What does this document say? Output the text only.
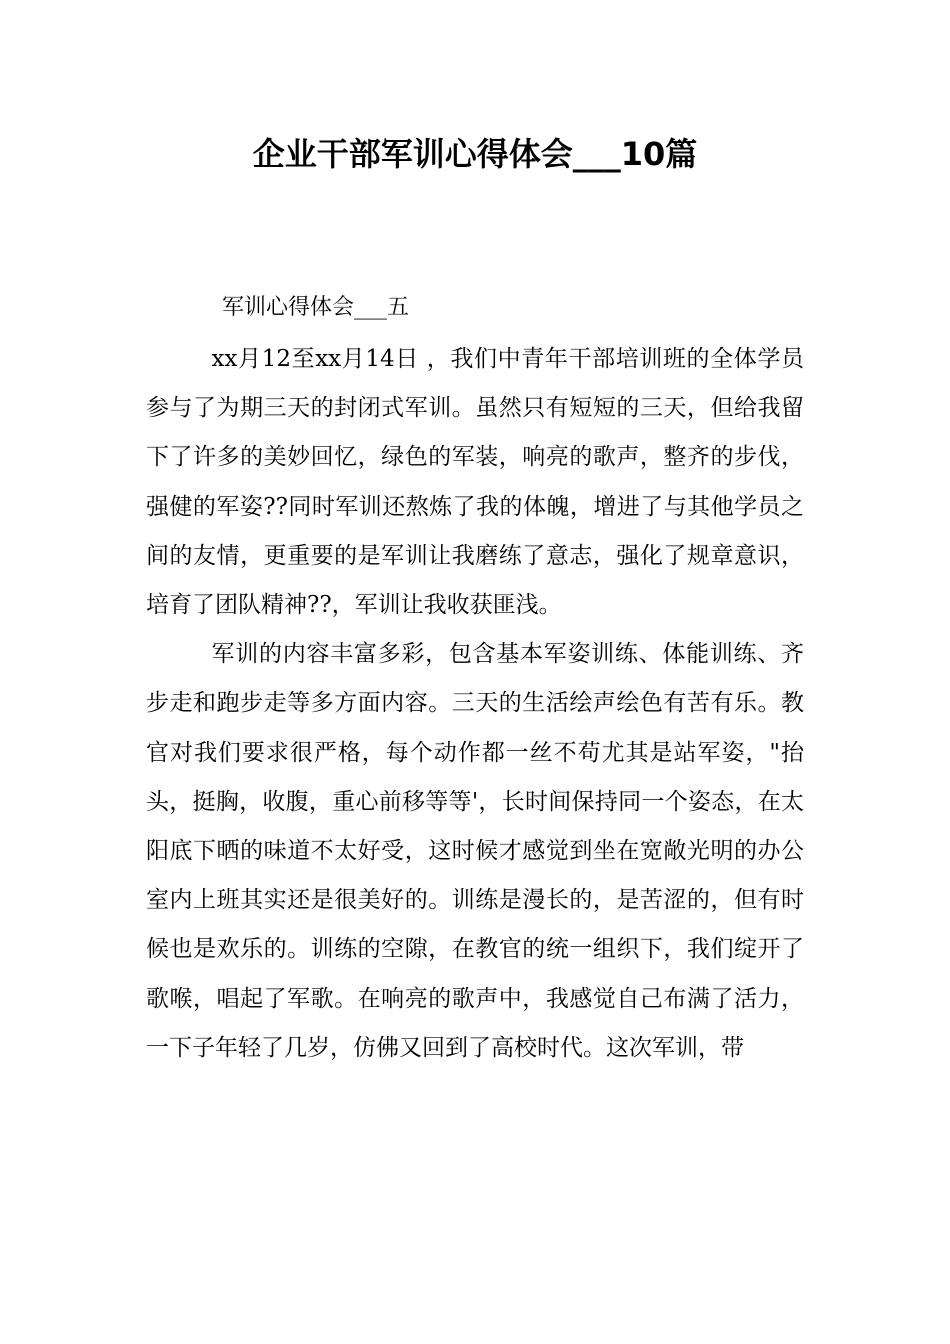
企业干部军训心得体会___10篇

军训心得体会___五

xx月12至xx月14日 ，我们中青年干部培训班的全体学员参与了为期三天的封闭式军训。虽然只有短短的三天，但给我留下了许多的美妙回忆，绿色的军装，响亮的歌声，整齐的步伐，强健的军姿??同时军训还熬炼了我的体魄，增进了与其他学员之间的友情，更重要的是军训让我磨练了意志，强化了规章意识，培育了团队精神??，军训让我收获匪浅。

军训的内容丰富多彩，包含基本军姿训练、体能训练、齐步走和跑步走等多方面内容。三天的生活绘声绘色有苦有乐。教官对我们要求很严格，每个动作都一丝不苟尤其是站军姿，"抬头，挺胸，收腹，重心前移等等'，长时间保持同一个姿态，在太阳底下晒的味道不太好受，这时候才感觉到坐在宽敞光明的办公室内上班其实还是很美好的。训练是漫长的，是苦涩的，但有时候也是欢乐的。训练的空隙，在教官的统一组织下，我们绽开了歌喉，唱起了军歌。在响亮的歌声中，我感觉自己布满了活力，一下子年轻了几岁，仿佛又回到了高校时代。这次军训，带
